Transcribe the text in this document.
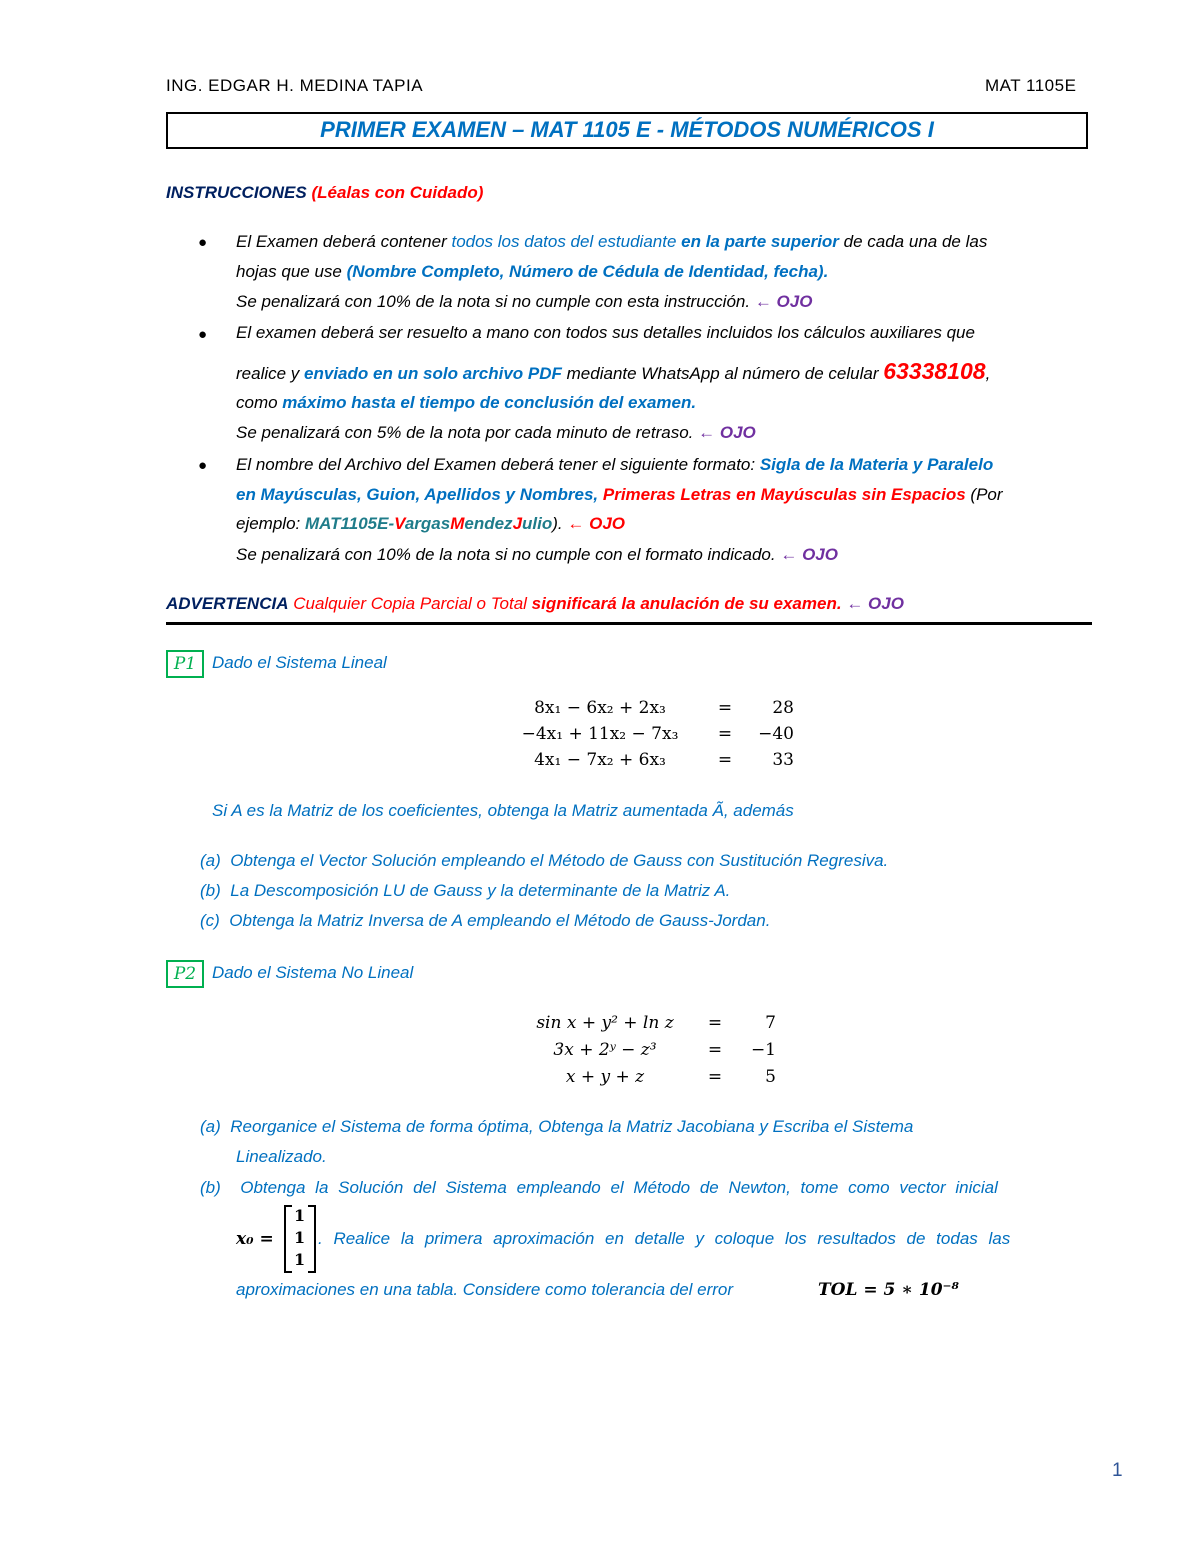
ING. EDGAR H. MEDINA TAPIA	MAT 1105E
PRIMER EXAMEN – MAT 1105 E - MÉTODOS NUMÉRICOS I
INSTRUCCIONES (Léalas con Cuidado)
● El Examen deberá contener todos los datos del estudiante en la parte superior de cada una de las
hojas que use (Nombre Completo, Número de Cédula de Identidad, fecha).
Se penalizará con 10% de la nota si no cumple con esta instrucción. ← OJO
● El examen deberá ser resuelto a mano con todos sus detalles incluidos los cálculos auxiliares que
realice y enviado en un solo archivo PDF mediante WhatsApp al número de celular 63338108,
como máximo hasta el tiempo de conclusión del examen.
Se penalizará con 5% de la nota por cada minuto de retraso. ← OJO
● El nombre del Archivo del Examen deberá tener el siguiente formato: Sigla de la Materia y Paralelo
en Mayúsculas, Guion, Apellidos y Nombres, Primeras Letras en Mayúsculas sin Espacios (Por
ejemplo: MAT1105E-VargasMendezJulio). ← OJO
Se penalizará con 10% de la nota si no cumple con el formato indicado. ← OJO
ADVERTENCIA Cualquier Copia Parcial o Total significará la anulación de su examen. ← OJO
P1 Dado el Sistema Lineal
8x₁ − 6x₂ + 2x₃	=	28
−4x₁ + 11x₂ − 7x₃	=	−40
4x₁ − 7x₂ + 6x₃	=	33
Si A es la Matriz de los coeficientes, obtenga la Matriz aumentada Ã, además
(a) Obtenga el Vector Solución empleando el Método de Gauss con Sustitución Regresiva.
(b) La Descomposición LU de Gauss y la determinante de la Matriz A.
(c) Obtenga la Matriz Inversa de A empleando el Método de Gauss-Jordan.
P2 Dado el Sistema No Lineal
sin x + y² + ln z	=	7
3x + 2ʸ − z³	=	−1
x + y + z	=	5
(a) Reorganice el Sistema de forma óptima, Obtenga la Matriz Jacobiana y Escriba el Sistema
Linealizado.
(b) Obtenga la Solución del Sistema empleando el Método de Newton, tome como vector inicial
x₀ =
1
1
1
. Realice la primera aproximación en detalle y coloque los resultados de todas las
aproximaciones en una tabla. Considere como tolerancia del error	TOL = 5 ∗ 10⁻⁸
1
